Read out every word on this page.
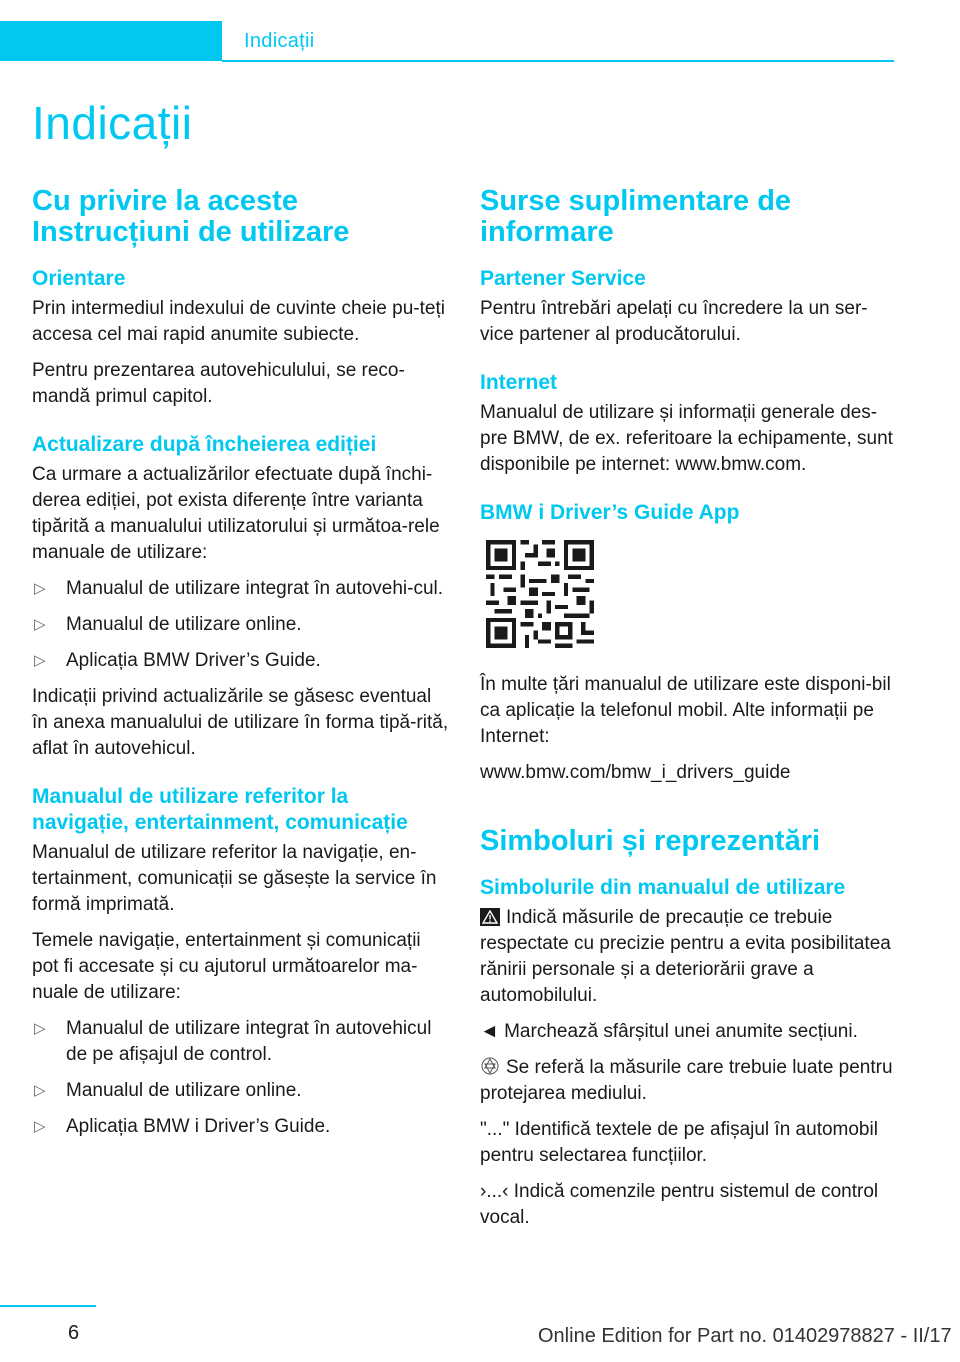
Indicații
Indicații
Cu privire la aceste Instrucțiuni de utilizare
Orientare

Prin intermediul indexului de cuvinte cheie pu-teți accesa cel mai rapid anumite subiecte.

Pentru prezentarea autovehiculului, se reco-mandă primul capitol.

Actualizare după încheierea ediției

Ca urmare a actualizărilor efectuate după închi-derea ediției, pot exista diferențe între varianta tipărită a manualului utilizatorului și următoa-rele manuale de utilizare:

▷ Manualul de utilizare integrat în autovehi-cul.
▷ Manualul de utilizare online.
▷ Aplicația BMW Driver’s Guide.

Indicații privind actualizările se găsesc eventual în anexa manualului de utilizare în forma tipă-rită, aflat în autovehicul.

Manualul de utilizare referitor la navigație, entertainment, comunicație

Manualul de utilizare referitor la navigație, en-tertainment, comunicații se găsește la service în formă imprimată.

Temele navigație, entertainment și comunicații pot fi accesate și cu ajutorul următoarelor ma-nuale de utilizare:

▷ Manualul de utilizare integrat în autovehicul de pe afișajul de control.
▷ Manualul de utilizare online.
▷ Aplicația BMW i Driver’s Guide.
Surse suplimentare de informare
Partener Service

Pentru întrebări apelați cu încredere la un ser-vice partener al producătorului.

Internet

Manualul de utilizare și informații generale des-pre BMW, de ex. referitoare la echipamente, sunt disponibile pe internet: www.bmw.com.

BMW i Driver’s Guide App

În multe țări manualul de utilizare este disponi-bil ca aplicație la telefonul mobil. Alte informații pe Internet:

www.bmw.com/bmw_i_drivers_guide

Simboluri și reprezentări
Simbolurile din manualul de utilizare

Indică măsurile de precauție ce trebuie respectate cu precizie pentru a evita posibilitatea rănirii personale și a deteriorării grave a automobilului.

◄ Marchează sfârșitul unei anumite secțiuni.

Se referă la măsurile care trebuie luate pentru protejarea mediului.

"..." Identifică textele de pe afișajul în automobil pentru selectarea funcțiilor.

›...‹ Indică comenzile pentru sistemul de control vocal.

6	Online Edition for Part no. 01402978827 - II/17
